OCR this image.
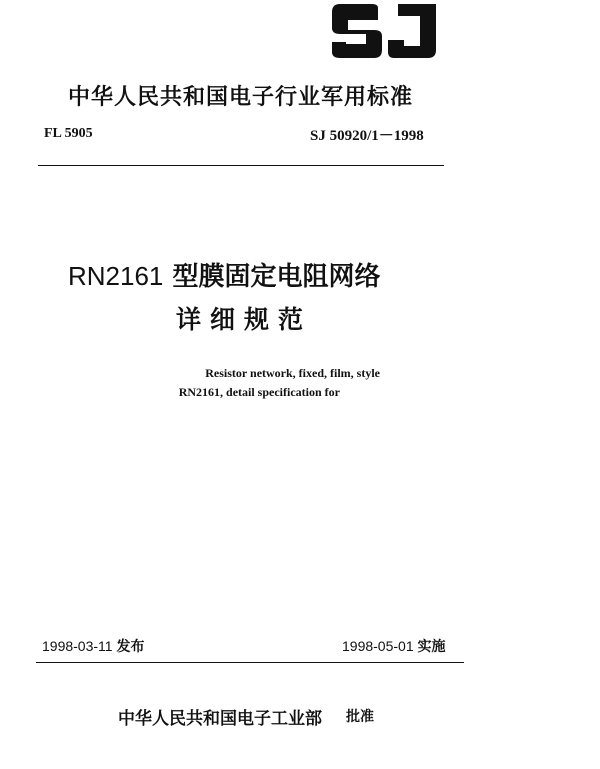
SJ
中华人民共和国电子行业军用标准
FL 5905	SJ 50920/1－1998
RN2161 型膜固定电阻网络
详细规范
Resistor network, fixed, film, style
RN2161, detail specification for
1998-03-11 发布	1998-05-01 实施
中华人民共和国电子工业部 批准
